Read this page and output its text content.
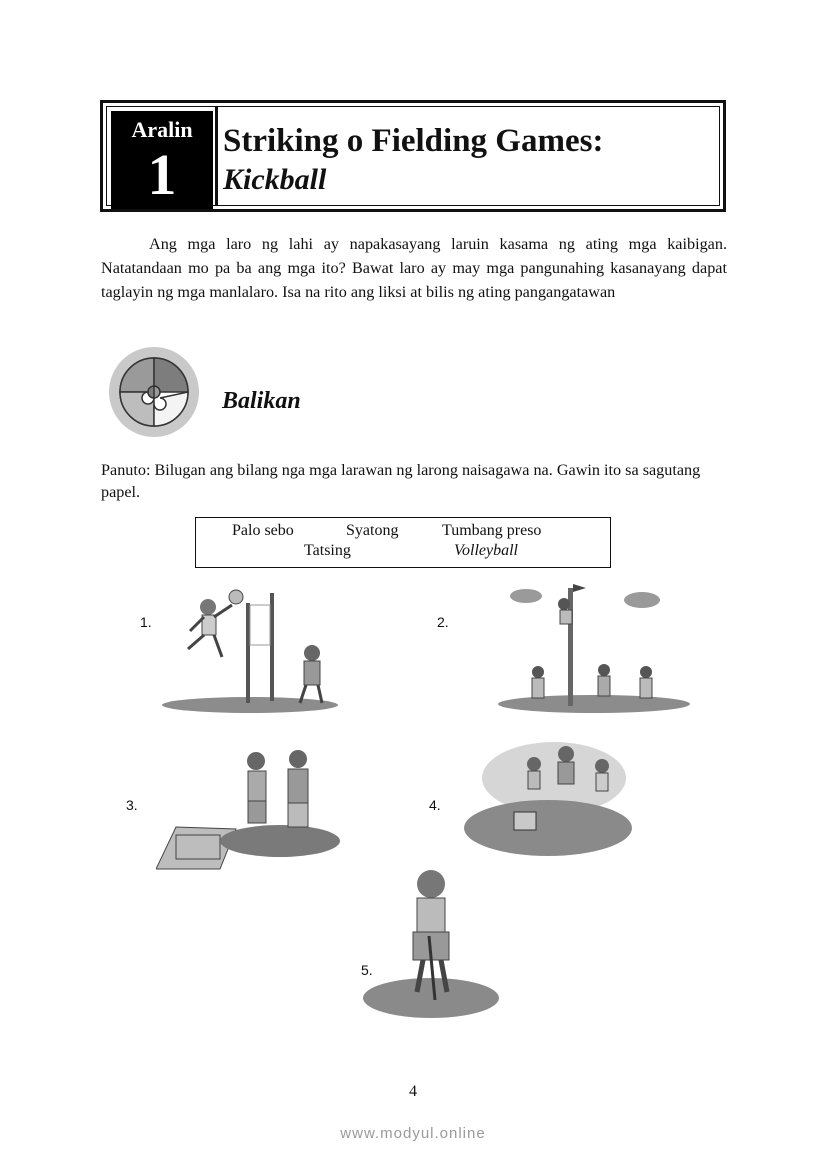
Aralin
1
Striking o Fielding Games:
Kickball
Ang mga laro ng lahi ay napakasayang laruin kasama ng ating mga kaibigan. Natatandaan mo pa ba ang mga ito? Bawat laro ay may mga pangunahing kasanayang dapat taglayin ng mga manlalaro. Isa na rito ang liksi at bilis ng ating pangangatawan
Balikan
Panuto: Bilugan ang bilang nga mga larawan ng larong naisagawa na. Gawin ito sa sagutang papel.
Palo sebo	Syatong	Tumbang preso
Tatsing	Volleyball
1.	2.
3.	4.
5.
4
www.modyul.online
